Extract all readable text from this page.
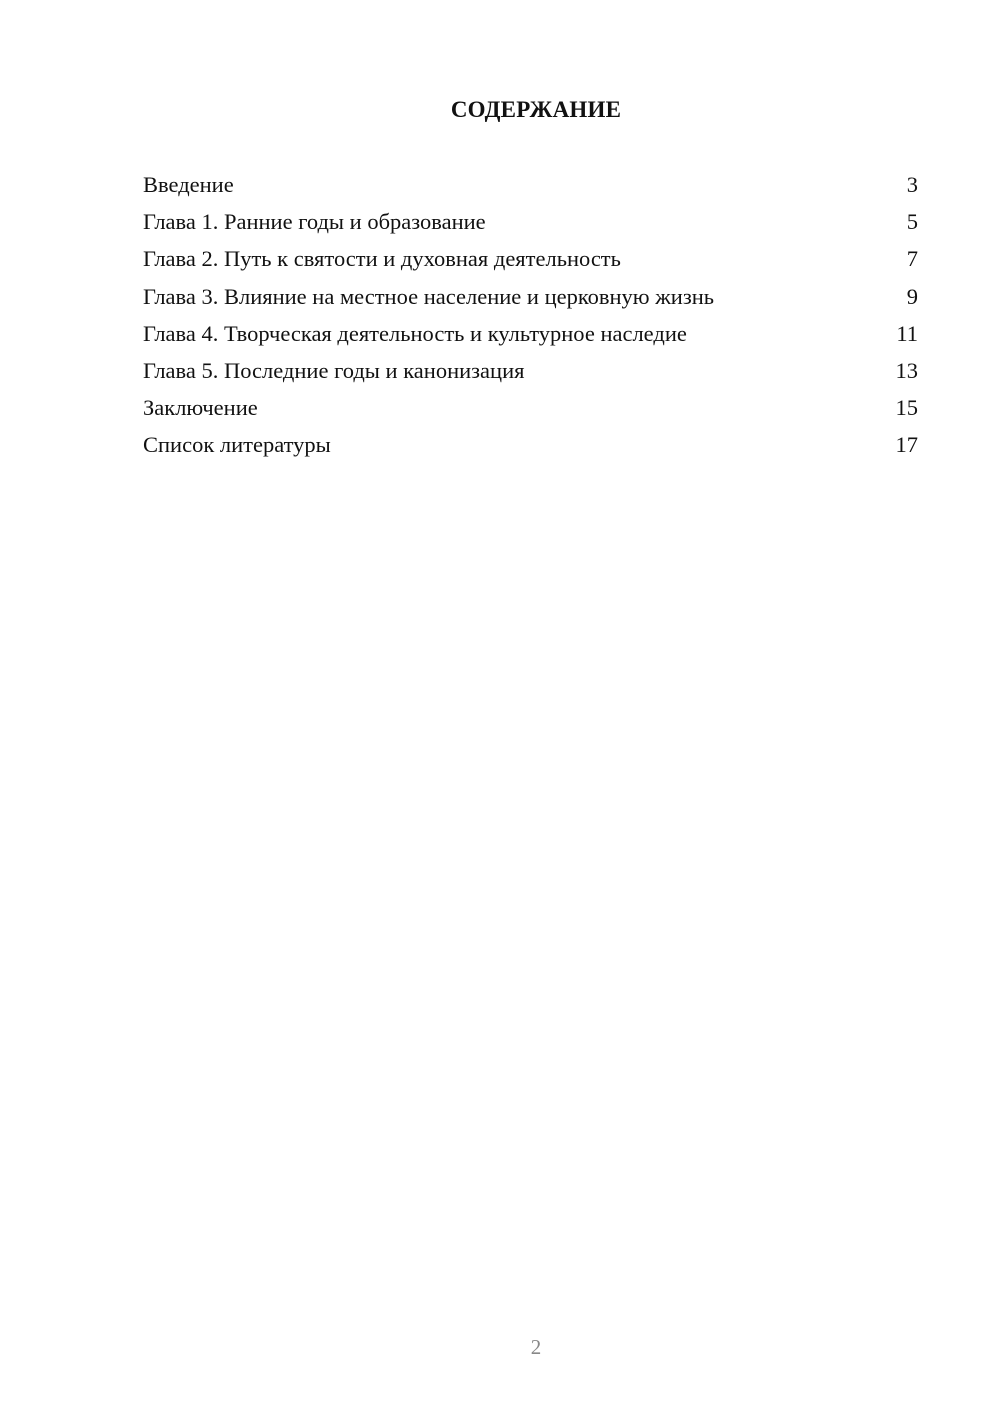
СОДЕРЖАНИЕ
Введение	3
Глава 1. Ранние годы и образование	5
Глава 2. Путь к святости и духовная деятельность	7
Глава 3. Влияние на местное население и церковную жизнь	9
Глава 4. Творческая деятельность и культурное наследие	11
Глава 5. Последние годы и канонизация	13
Заключение	15
Список литературы	17
2
